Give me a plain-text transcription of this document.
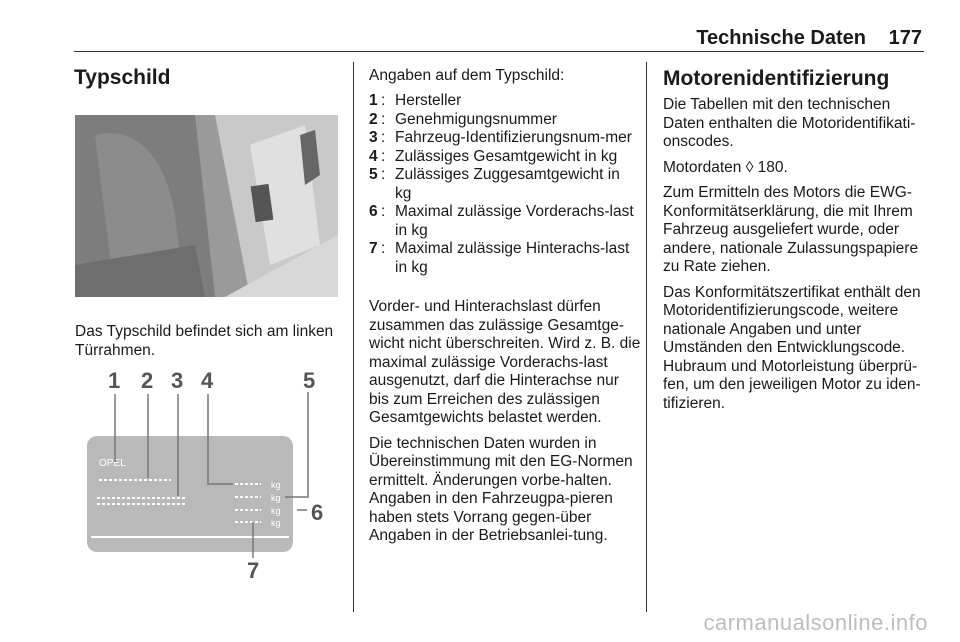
Technische Daten 177
Typschild
Das Typschild befindet sich am linken Türrahmen.
OPEL
kg
kg
kg
kg
1 2 3 4	5
6
7
Angaben auf dem Typschild:
1 : Hersteller
2 : Genehmigungsnummer
3 : Fahrzeug-Identifizierungsnum-mer
4 : Zulässiges Gesamtgewicht in kg
5 : Zulässiges Zuggesamtgewicht in kg
6 : Maximal zulässige Vorderachs-last in kg
7 : Maximal zulässige Hinterachs-last in kg

Vorder- und Hinterachslast dürfen zusammen das zulässige Gesamtge-wicht nicht überschreiten. Wird z. B. die maximal zulässige Vorderachs-last ausgenutzt, darf die Hinterachse nur bis zum Erreichen des zulässigen Gesamtgewichts belastet werden.

Die technischen Daten wurden in Übereinstimmung mit den EG-Normen ermittelt. Änderungen vorbe-halten. Angaben in den Fahrzeugpa-pieren haben stets Vorrang gegen-über Angaben in der Betriebsanlei-tung.

Motorenidentifizierung

Die Tabellen mit den technischen Daten enthalten die Motoridentifikati-onscodes.

Motordaten ◊ 180.

Zum Ermitteln des Motors die EWG-Konformitätserklärung, die mit Ihrem Fahrzeug ausgeliefert wurde, oder andere, nationale Zulassungspapiere zu Rate ziehen.

Das Konformitätszertifikat enthält den Motoridentifizierungscode, weitere nationale Angaben und unter Umständen den Entwicklungscode. Hubraum und Motorleistung überprü-fen, um den jeweiligen Motor zu iden-tifizieren.

carmanualsonline.info
